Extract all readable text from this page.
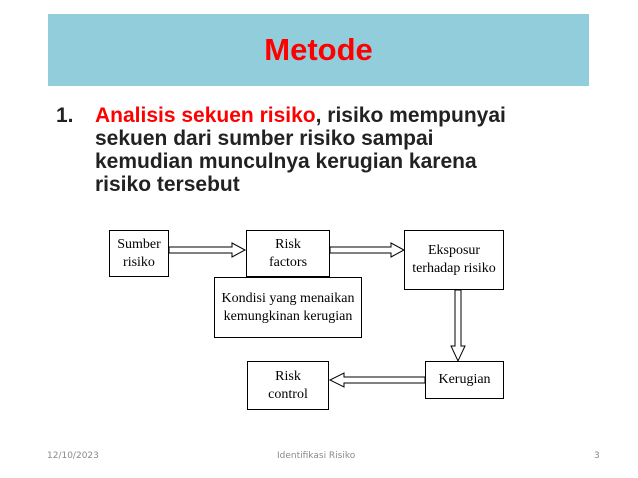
Metode
1. Analisis sekuen risiko, risiko mempunyai
sekuen dari sumber risiko sampai
kemudian munculnya kerugian karena
risiko tersebut
Sumber
risiko
Risk
factors
Eksposur
terhadap risiko
Kondisi yang menaikan
kemungkinan kerugian
Kerugian
Risk
control
12/10/2023	Identifikasi Risiko	3
